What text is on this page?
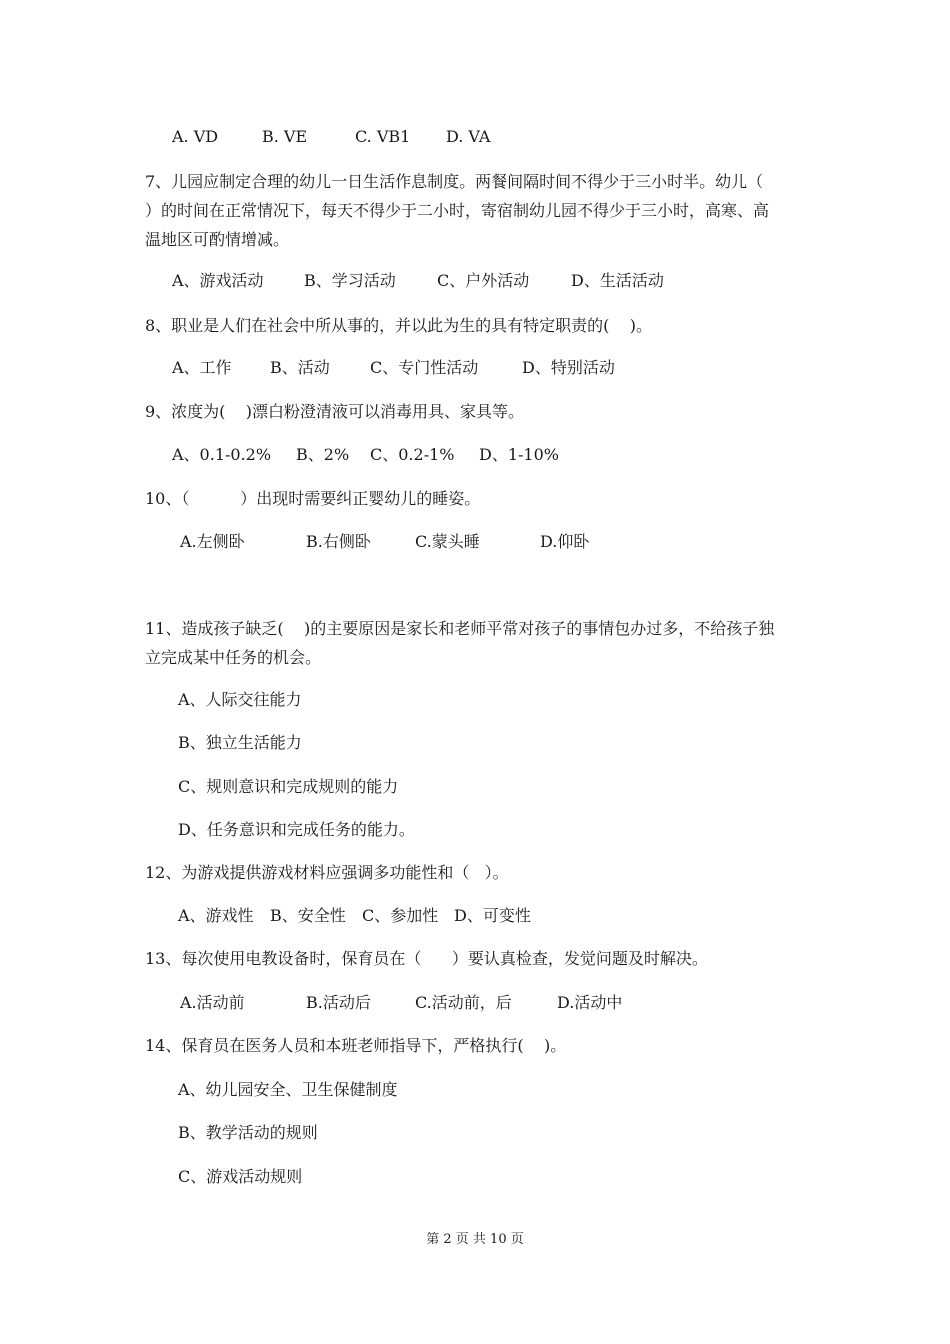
A. VD	B. VE	C. VB1 D. VA
7、儿园应制定合理的幼儿一日生活作息制度。两餐间隔时间不得少于三小时半。幼儿（
）的时间在正常情况下，每天不得少于二小时，寄宿制幼儿园不得少于三小时，高寒、高
温地区可酌情增减。
A、游戏活动	B、学习活动	C、户外活动	D、生活活动
8、职业是人们在社会中所从事的，并以此为生的具有特定职责的(    )。
A、工作 B、活动	C、专门性活动	D、特别活动
9、浓度为(    )漂白粉澄清液可以消毒用具、家具等。
A、0.1-0.2% B、2% C、0.2-1% D、1-10%
10、（          ）出现时需要纠正婴幼儿的睡姿。
A.左侧卧	B.右侧卧	C.蒙头睡	D.仰卧
11、造成孩子缺乏(    )的主要原因是家长和老师平常对孩子的事情包办过多，不给孩子独
立完成某中任务的机会。
A、人际交往能力
B、独立生活能力
C、规则意识和完成规则的能力
D、任务意识和完成任务的能力。
12、为游戏提供游戏材料应强调多功能性和（   ）。
A、游戏性 B、安全性 C、参加性 D、可变性
13、每次使用电教设备时，保育员在（      ）要认真检查，发觉问题及时解决。
A.活动前	B.活动后	C.活动前，后	D.活动中
14、保育员在医务人员和本班老师指导下，严格执行(    )。
A、幼儿园安全、卫生保健制度
B、教学活动的规则
C、游戏活动规则
第 2 页 共 10 页
